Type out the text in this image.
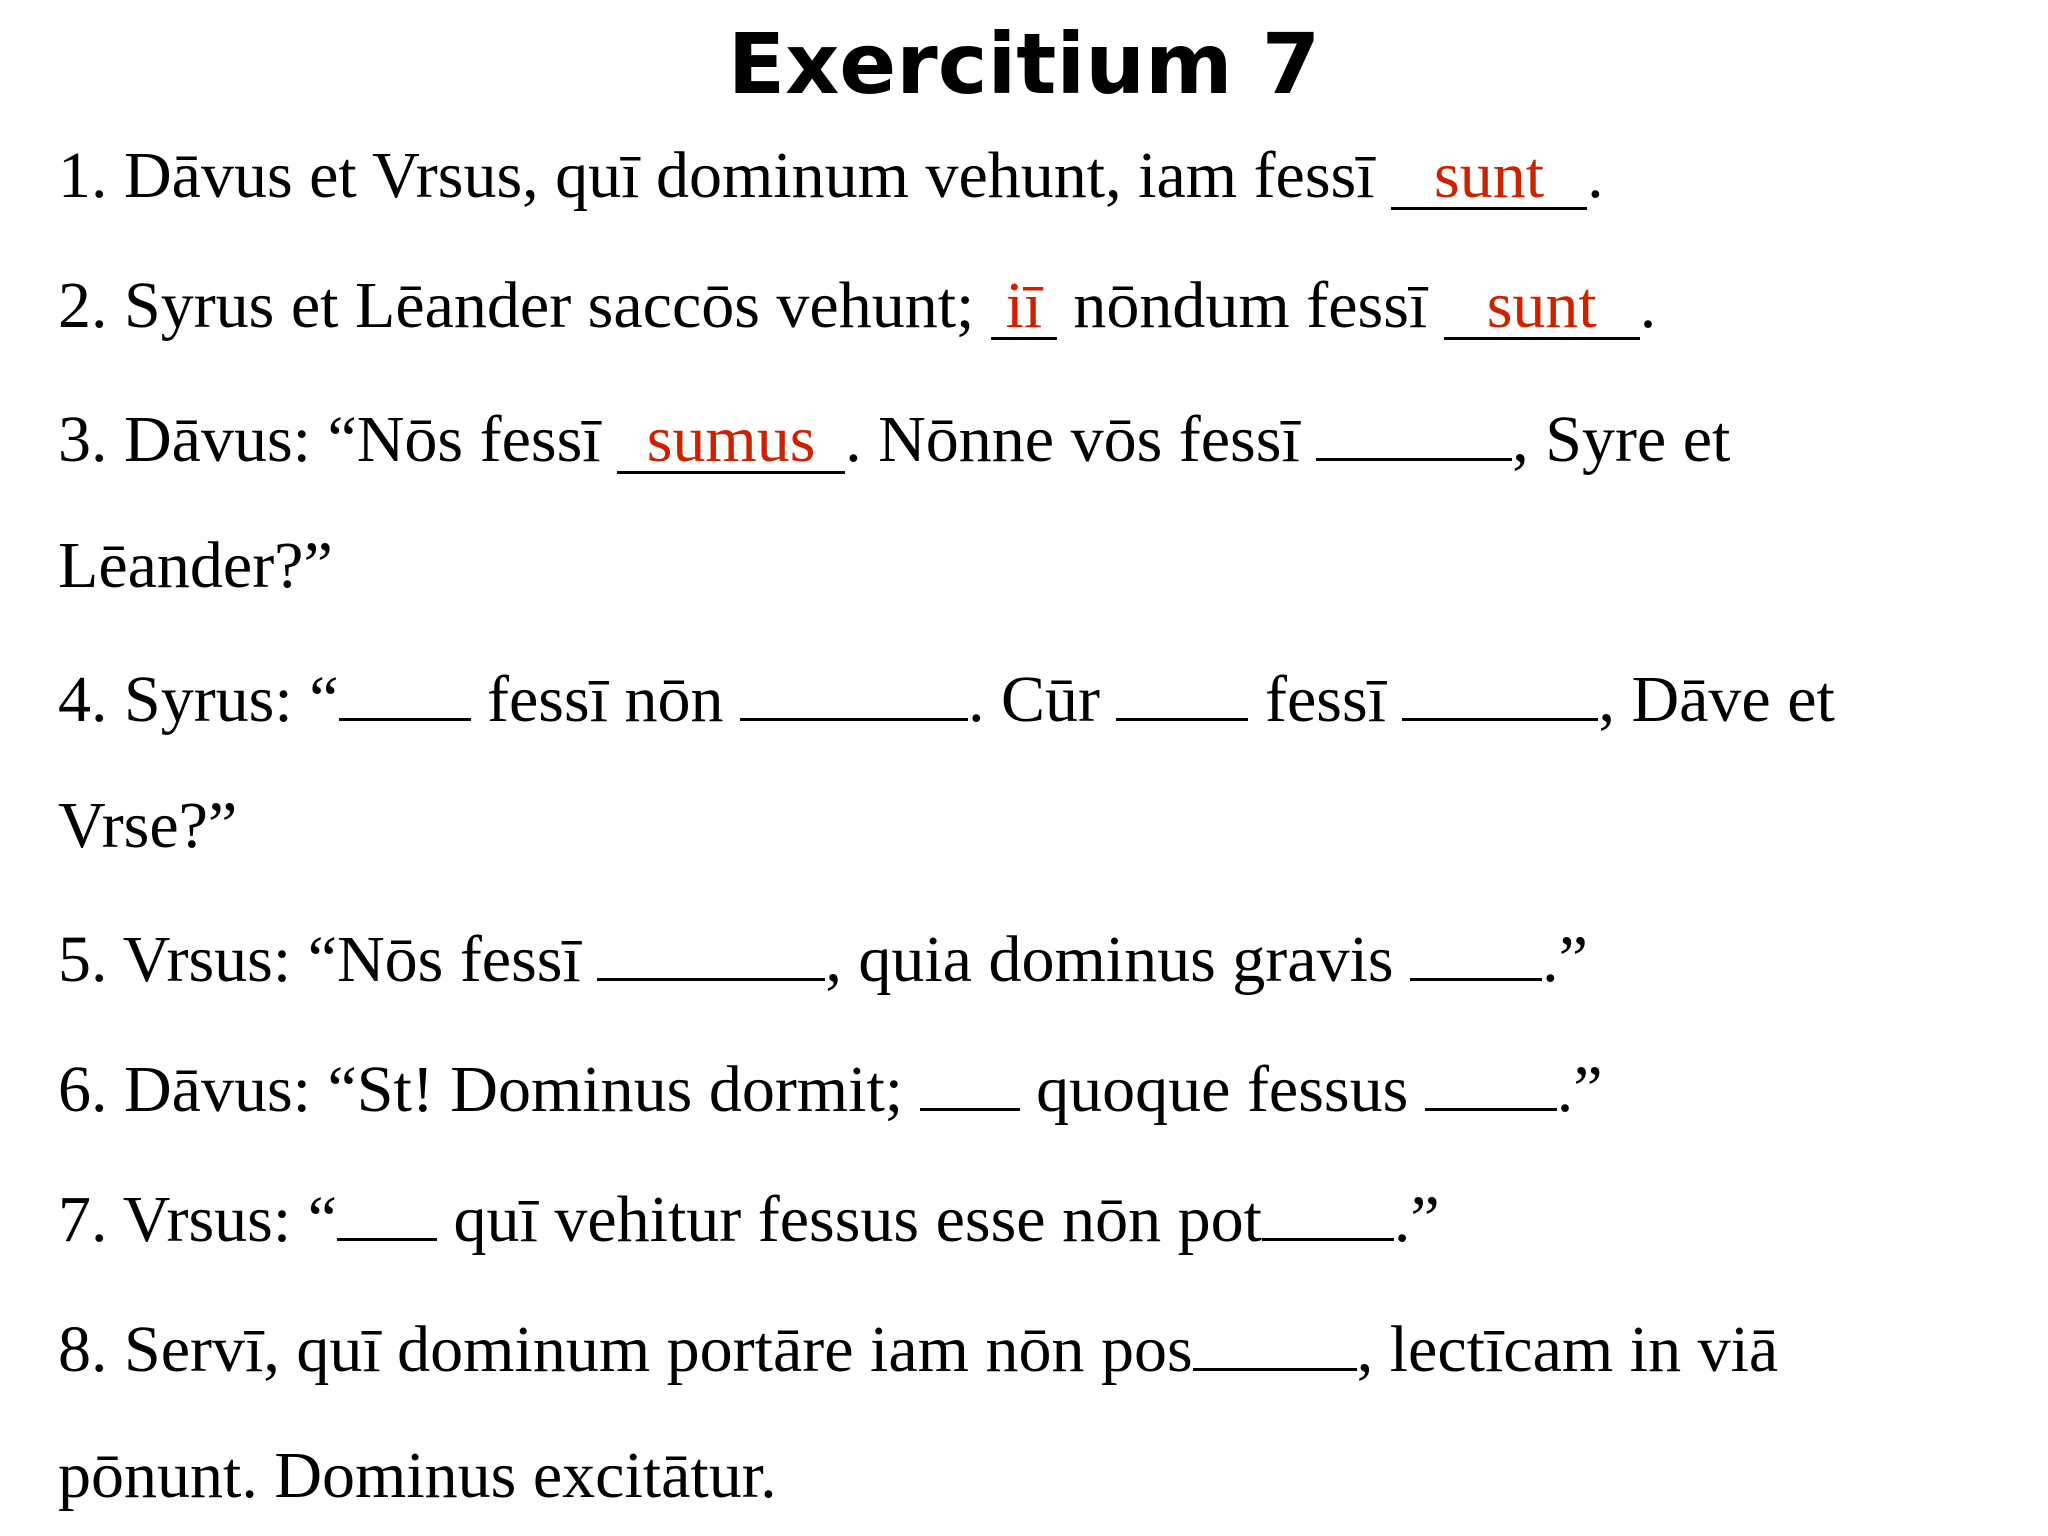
Exercitium 7
1. Dāvus et Vrsus, quī dominum vehunt, iam fessī sunt .
2. Syrus et Lēander saccōs vehunt; iī nōndum fessī sunt .
3. Dāvus: “Nōs fessī sumus . Nōnne vōs fessī	, Syre et
Lēander?”
4. Syrus: “ fessī nōn	. Cūr  fessī	, Dāve et
Vrse?”
5. Vrsus: “Nōs fessī	, quia dominus gravis .”
6. Dāvus: “St! Dominus dormit;  quoque fessus .”
7. Vrsus: “ quī vehitur fessus esse nōn pot .”
8. Servī, quī dominum portāre iam nōn pos , lectīcam in viā
pōnunt. Dominus excitātur.
